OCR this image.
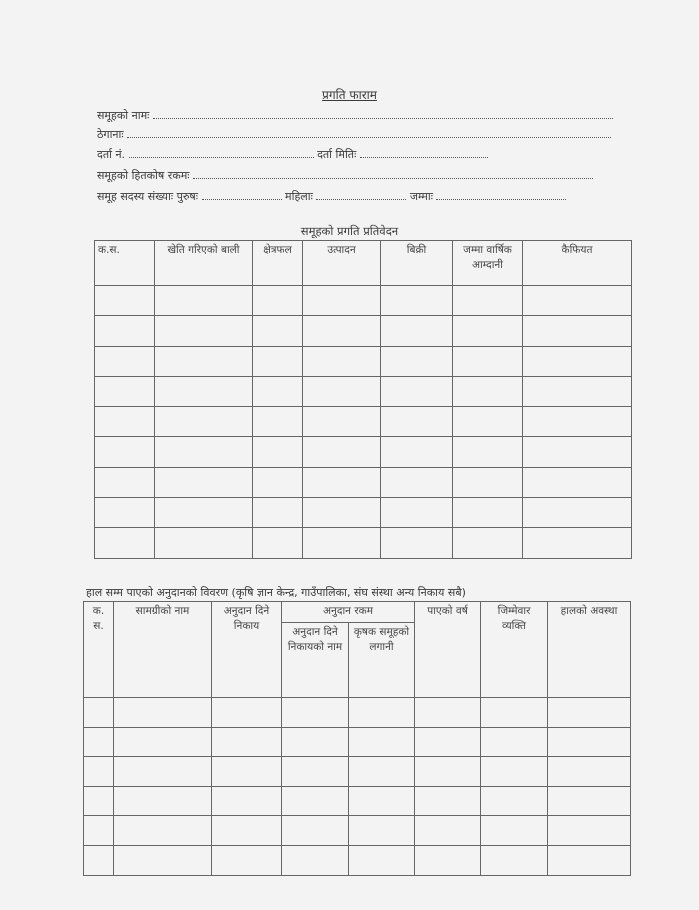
प्रगति फाराम
समूहको नामः
ठेगानाः
दर्ता नं.	दर्ता मितिः
समूहको हितकोष रकमः
समूह सदस्य संख्याः पुरुषः	महिलाः	जम्माः
समूहको प्रगति प्रतिवेदन
क.स.	खेति गरिएको बाली	क्षेत्रफल	उत्पादन	बिक्री	जम्मा वार्षिक आम्दानी	कैफियत

हाल सम्म पाएको अनुदानको विवरण (कृषि ज्ञान केन्द्र, गाउँपालिका, संघ संस्था अन्य निकाय सबै)
क. स.	सामग्रीको नाम	अनुदान दिने निकाय	अनुदान रकम		पाएको वर्ष	जिम्मेवार व्यक्ति	हालको अवस्था
			अनुदान दिने निकायको नाम	कृषक समूहको लगानी			
